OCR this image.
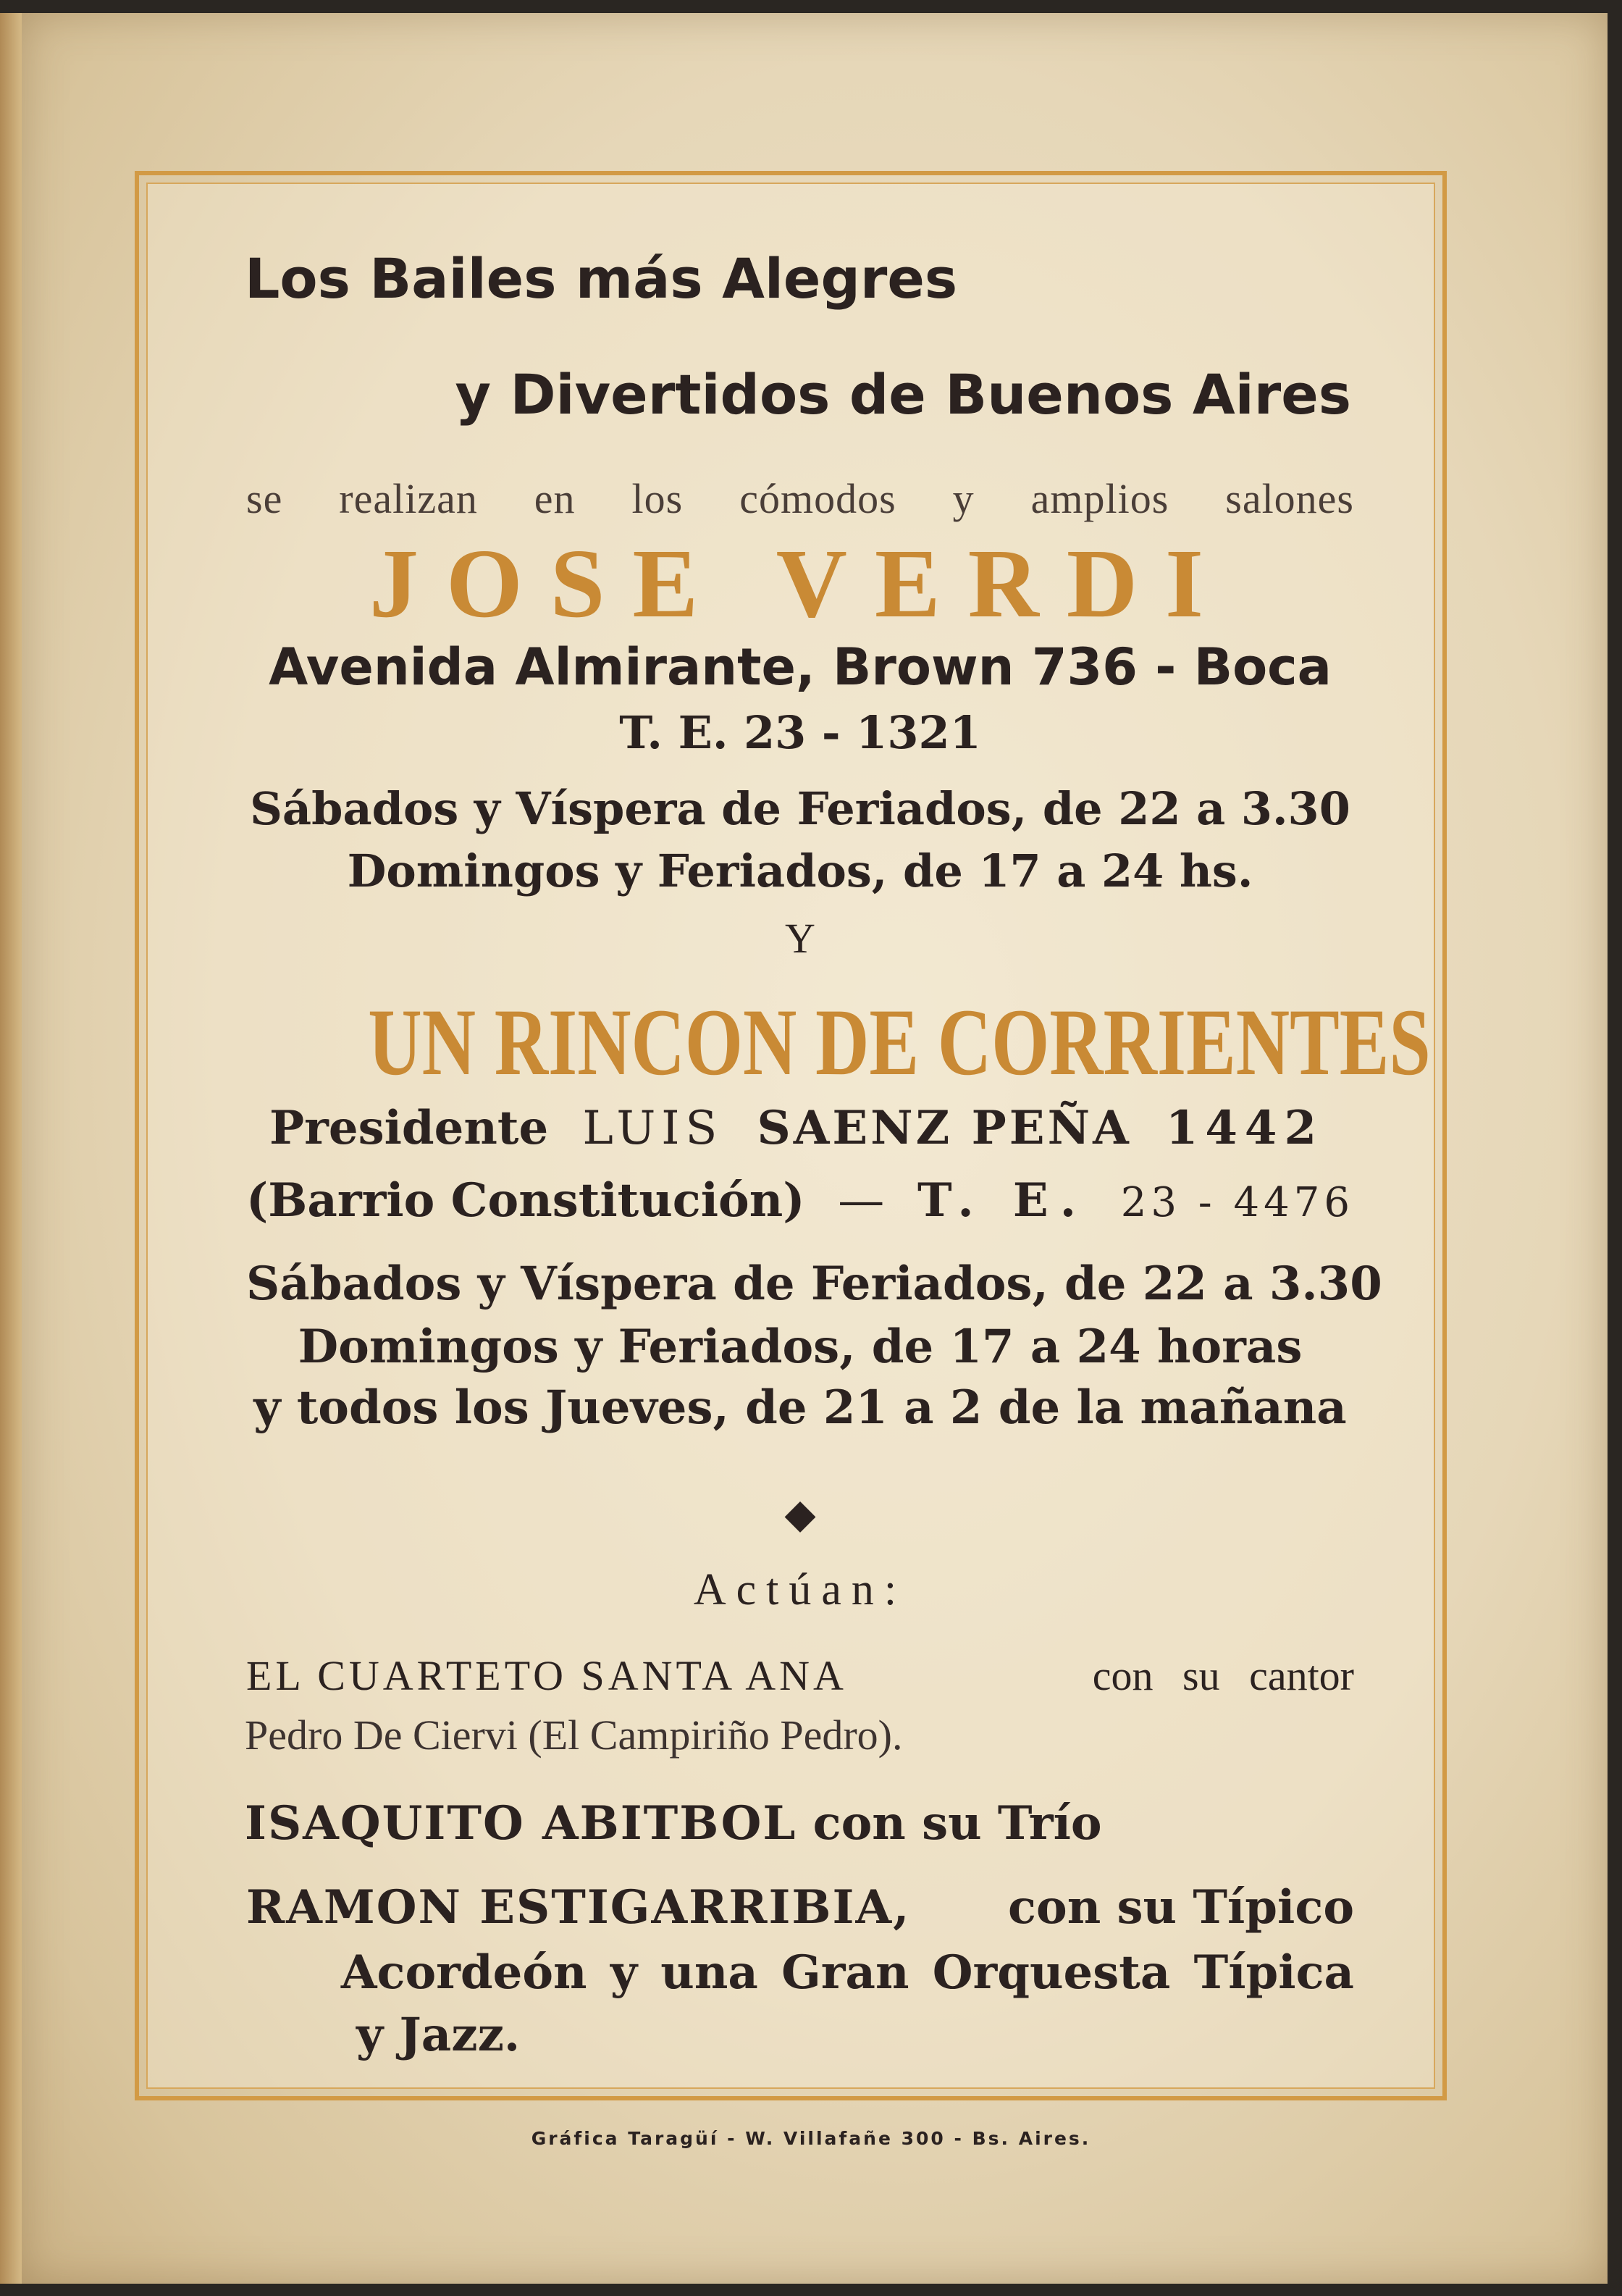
Los Bailes más Alegres
y Divertidos de Buenos Aires
se realizan en los cómodos y amplios salones
JOSE VERDI
Avenida Almirante, Brown 736 - Boca
T. E. 23 - 1321
Sábados y Víspera de Feriados, de 22 a 3.30
Domingos y Feriados, de 17 a 24 hs.
Y
UN RINCON DE CORRIENTES
Presidente LUIS SAENZ PEÑA 1442
(Barrio Constitución) — T. E. 23 - 4476
Sábados y Víspera de Feriados, de 22 a 3.30
Domingos y Feriados, de 17 a 24 horas
y todos los Jueves, de 21 a 2 de la mañana
◆
Actúan:
EL CUARTETO SANTA ANA	con su cantor
Pedro De Ciervi (El Campiriño Pedro).
ISAQUITO ABITBOL con su Trío
RAMON ESTIGARRIBIA, con su Típico
Acordeón y una Gran Orquesta Típica
y Jazz.
Gráfica Taragüí - W. Villafañe 300 - Bs. Aires.
